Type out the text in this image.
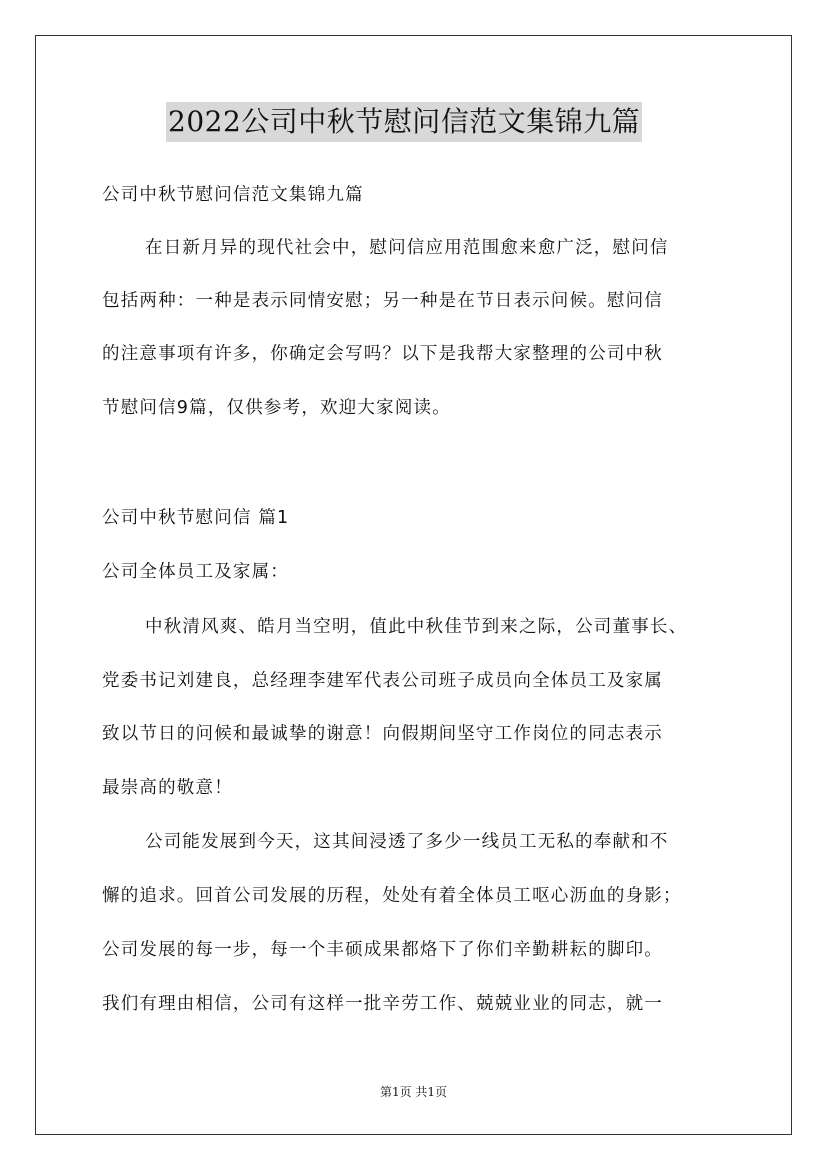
2022公司中秋节慰问信范文集锦九篇
公司中秋节慰问信范文集锦九篇
在日新月异的现代社会中，慰问信应用范围愈来愈广泛，慰问信
包括两种：一种是表示同情安慰；另一种是在节日表示问候。慰问信
的注意事项有许多，你确定会写吗？以下是我帮大家整理的公司中秋
节慰问信9篇，仅供参考，欢迎大家阅读。
公司中秋节慰问信 篇1
公司全体员工及家属：
中秋清风爽、皓月当空明，值此中秋佳节到来之际，公司董事长、
党委书记刘建良，总经理李建军代表公司班子成员向全体员工及家属
致以节日的问候和最诚挚的谢意！向假期间坚守工作岗位的同志表示
最崇高的敬意！
公司能发展到今天，这其间浸透了多少一线员工无私的奉献和不
懈的追求。回首公司发展的历程，处处有着全体员工呕心沥血的身影；
公司发展的每一步，每一个丰硕成果都烙下了你们辛勤耕耘的脚印。
我们有理由相信，公司有这样一批辛劳工作、兢兢业业的同志，就一
第1页 共1页
